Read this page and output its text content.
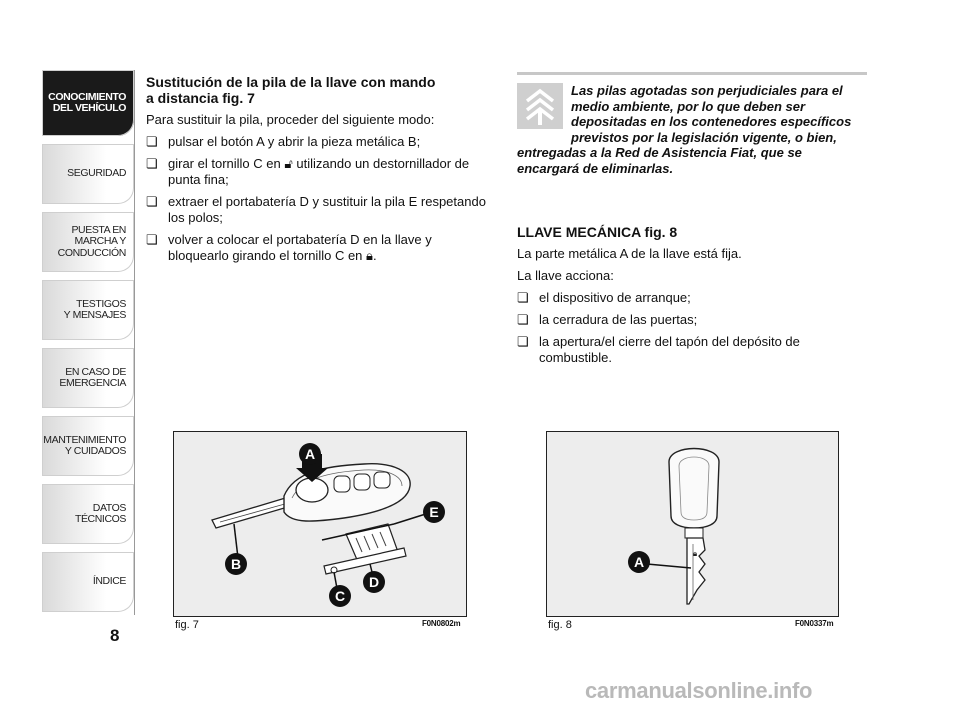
CONOCIMIENTO
DEL VEHÍCULO
SEGURIDAD
PUESTA EN
MARCHA Y
CONDUCCIÓN
TESTIGOS
Y MENSAJES
EN CASO DE
EMERGENCIA
MANTENIMIENTO
Y CUIDADOS
DATOS
TÉCNICOS
ÍNDICE
8
Sustitución de la pila de la llave con mando
a distancia fig. 7

Para sustituir la pila, proceder del siguiente modo:

❏ pulsar el botón A y abrir la pieza metálica B;
❏ girar el tornillo C en 🔓︎ utilizando un destornillador de punta fina;
❏ extraer el portabatería D y sustituir la pila E respetando los polos;
❏ volver a colocar el portabatería D en la llave y bloquearlo girando el tornillo C en 🔒︎.
Las pilas agotadas son perjudiciales para el medio ambiente, por lo que deben ser depositadas en los contenedores específicos previstos por la legislación vigente, o bien, entregadas a la Red de Asistencia Fiat, que se encargará de eliminarlas.
LLAVE MECÁNICA fig. 8

La parte metálica A de la llave está fija.

La llave acciona:

❏ el dispositivo de arranque;
❏ la cerradura de las puertas;
❏ la apertura/el cierre del tapón del depósito de combustible.
A
B
C
D
E
fig. 7	F0N0802m
🔒︎
A
fig. 8	F0N0337m
carmanualsonline.info
